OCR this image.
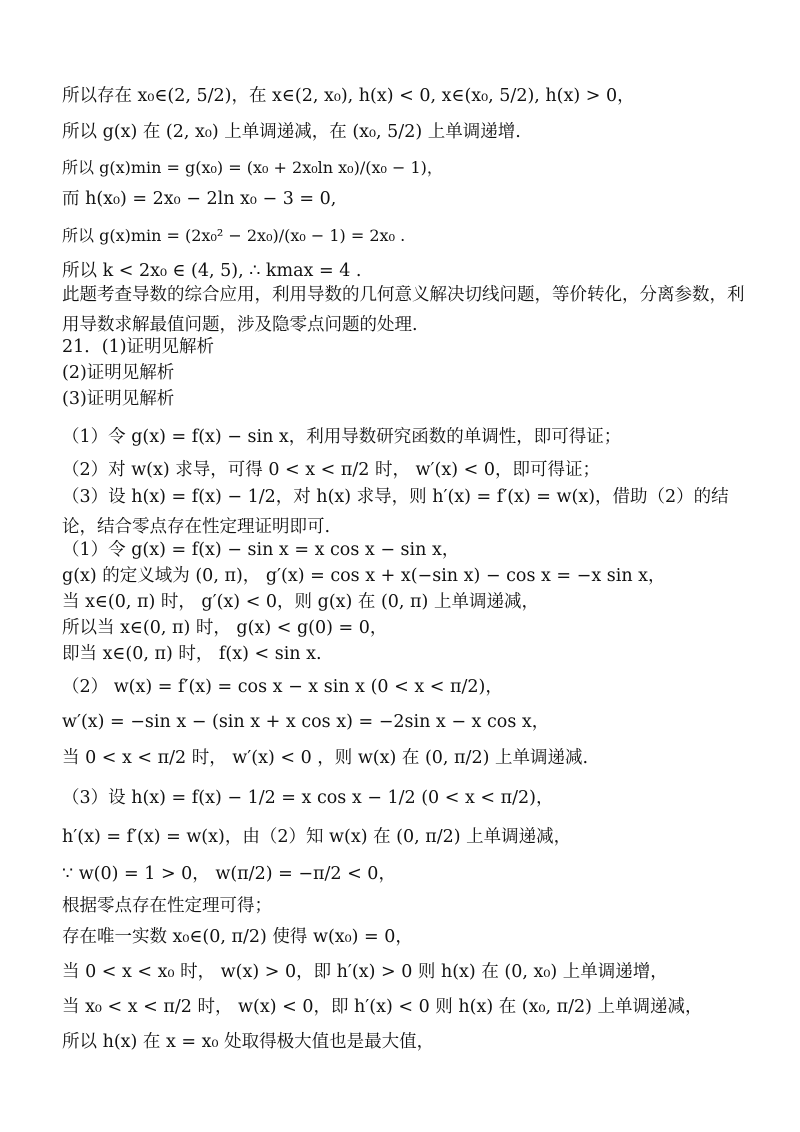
所以存在 x₀∈(2, 5/2)，在 x∈(2, x₀), h(x) < 0, x∈(x₀, 5/2), h(x) > 0，
所以 g(x) 在 (2, x₀) 上单调递减，在 (x₀, 5/2) 上单调递增.
所以 g(x)min = g(x₀) = (x₀ + 2x₀ln x₀)/(x₀ − 1)，
而 h(x₀) = 2x₀ − 2ln x₀ − 3 = 0,
所以 g(x)min = (2x₀² − 2x₀)/(x₀ − 1) = 2x₀ .
所以 k < 2x₀ ∈ (4, 5), ∴ kmax = 4 .
此题考查导数的综合应用，利用导数的几何意义解决切线问题，等价转化，分离参数，利用导数求解最值问题，涉及隐零点问题的处理.
21．(1)证明见解析
(2)证明见解析
(3)证明见解析
（1）令 g(x) = f(x) − sin x，利用导数研究函数的单调性，即可得证；
（2）对 w(x) 求导，可得 0 < x < π/2 时， w′(x) < 0，即可得证；
（3）设 h(x) = f(x) − 1/2，对 h(x) 求导，则 h′(x) = f′(x) = w(x)，借助（2）的结论，结合零点存在性定理证明即可.
（1）令 g(x) = f(x) − sin x = x cos x − sin x，
g(x) 的定义域为 (0, π)， g′(x) = cos x + x(−sin x) − cos x = −x sin x，
当 x∈(0, π) 时， g′(x) < 0，则 g(x) 在 (0, π) 上单调递减，
所以当 x∈(0, π) 时， g(x) < g(0) = 0，
即当 x∈(0, π) 时， f(x) < sin x.
（2） w(x) = f′(x) = cos x − x sin x (0 < x < π/2)，
w′(x) = −sin x − (sin x + x cos x) = −2sin x − x cos x，
当 0 < x < π/2 时， w′(x) < 0 ，则 w(x) 在 (0, π/2) 上单调递减.
（3）设 h(x) = f(x) − 1/2 = x cos x − 1/2 (0 < x < π/2)，
h′(x) = f′(x) = w(x)，由（2）知 w(x) 在 (0, π/2) 上单调递减，
∵ w(0) = 1 > 0， w(π/2) = −π/2 < 0，
根据零点存在性定理可得；
存在唯一实数 x₀∈(0, π/2) 使得 w(x₀) = 0，
当 0 < x < x₀ 时， w(x) > 0，即 h′(x) > 0 则 h(x) 在 (0, x₀) 上单调递增，
当 x₀ < x < π/2 时， w(x) < 0，即 h′(x) < 0 则 h(x) 在 (x₀, π/2) 上单调递减，
所以 h(x) 在 x = x₀ 处取得极大值也是最大值，
